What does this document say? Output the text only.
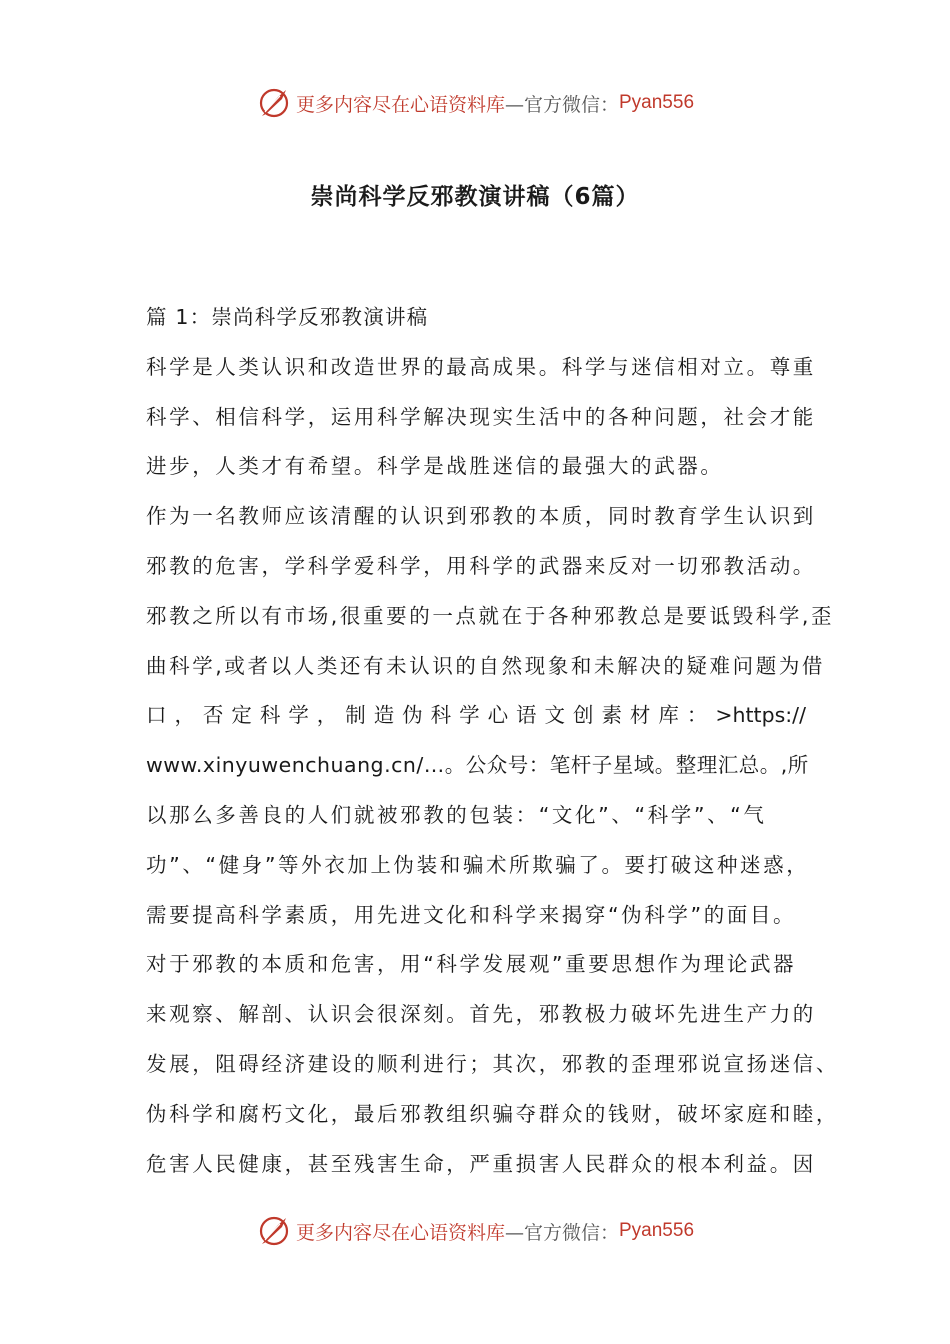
更多内容尽在心语资料库 —官方微信： Pyan556
崇尚科学反邪教演讲稿（6篇）
篇 1：崇尚科学反邪教演讲稿
科学是人类认识和改造世界的最高成果。科学与迷信相对立。尊重
科学、相信科学，运用科学解决现实生活中的各种问题，社会才能
进步，人类才有希望。科学是战胜迷信的最强大的武器。
作为一名教师应该清醒的认识到邪教的本质，同时教育学生认识到
邪教的危害，学科学爱科学，用科学的武器来反对一切邪教活动。
邪教之所以有市场,很重要的一点就在于各种邪教总是要诋毁科学,歪
曲科学,或者以人类还有未认识的自然现象和未解决的疑难问题为借
口，否定科学，制造伪科学心语文创素材库：>https://
www.xinyuwenchuang.cn/…。公众号：笔杆子星域。整理汇总。,所
以那么多善良的人们就被邪教的包装：“文化”、“科学”、“气
功”、“健身”等外衣加上伪装和骗术所欺骗了。要打破这种迷惑，
需要提高科学素质，用先进文化和科学来揭穿“伪科学”的面目。
对于邪教的本质和危害，用“科学发展观”重要思想作为理论武器
来观察、解剖、认识会很深刻。首先，邪教极力破坏先进生产力的
发展，阻碍经济建设的顺利进行；其次，邪教的歪理邪说宣扬迷信、
伪科学和腐朽文化，最后邪教组织骗夺群众的钱财，破坏家庭和睦，
危害人民健康，甚至残害生命，严重损害人民群众的根本利益。因
更多内容尽在心语资料库 —官方微信： Pyan556
